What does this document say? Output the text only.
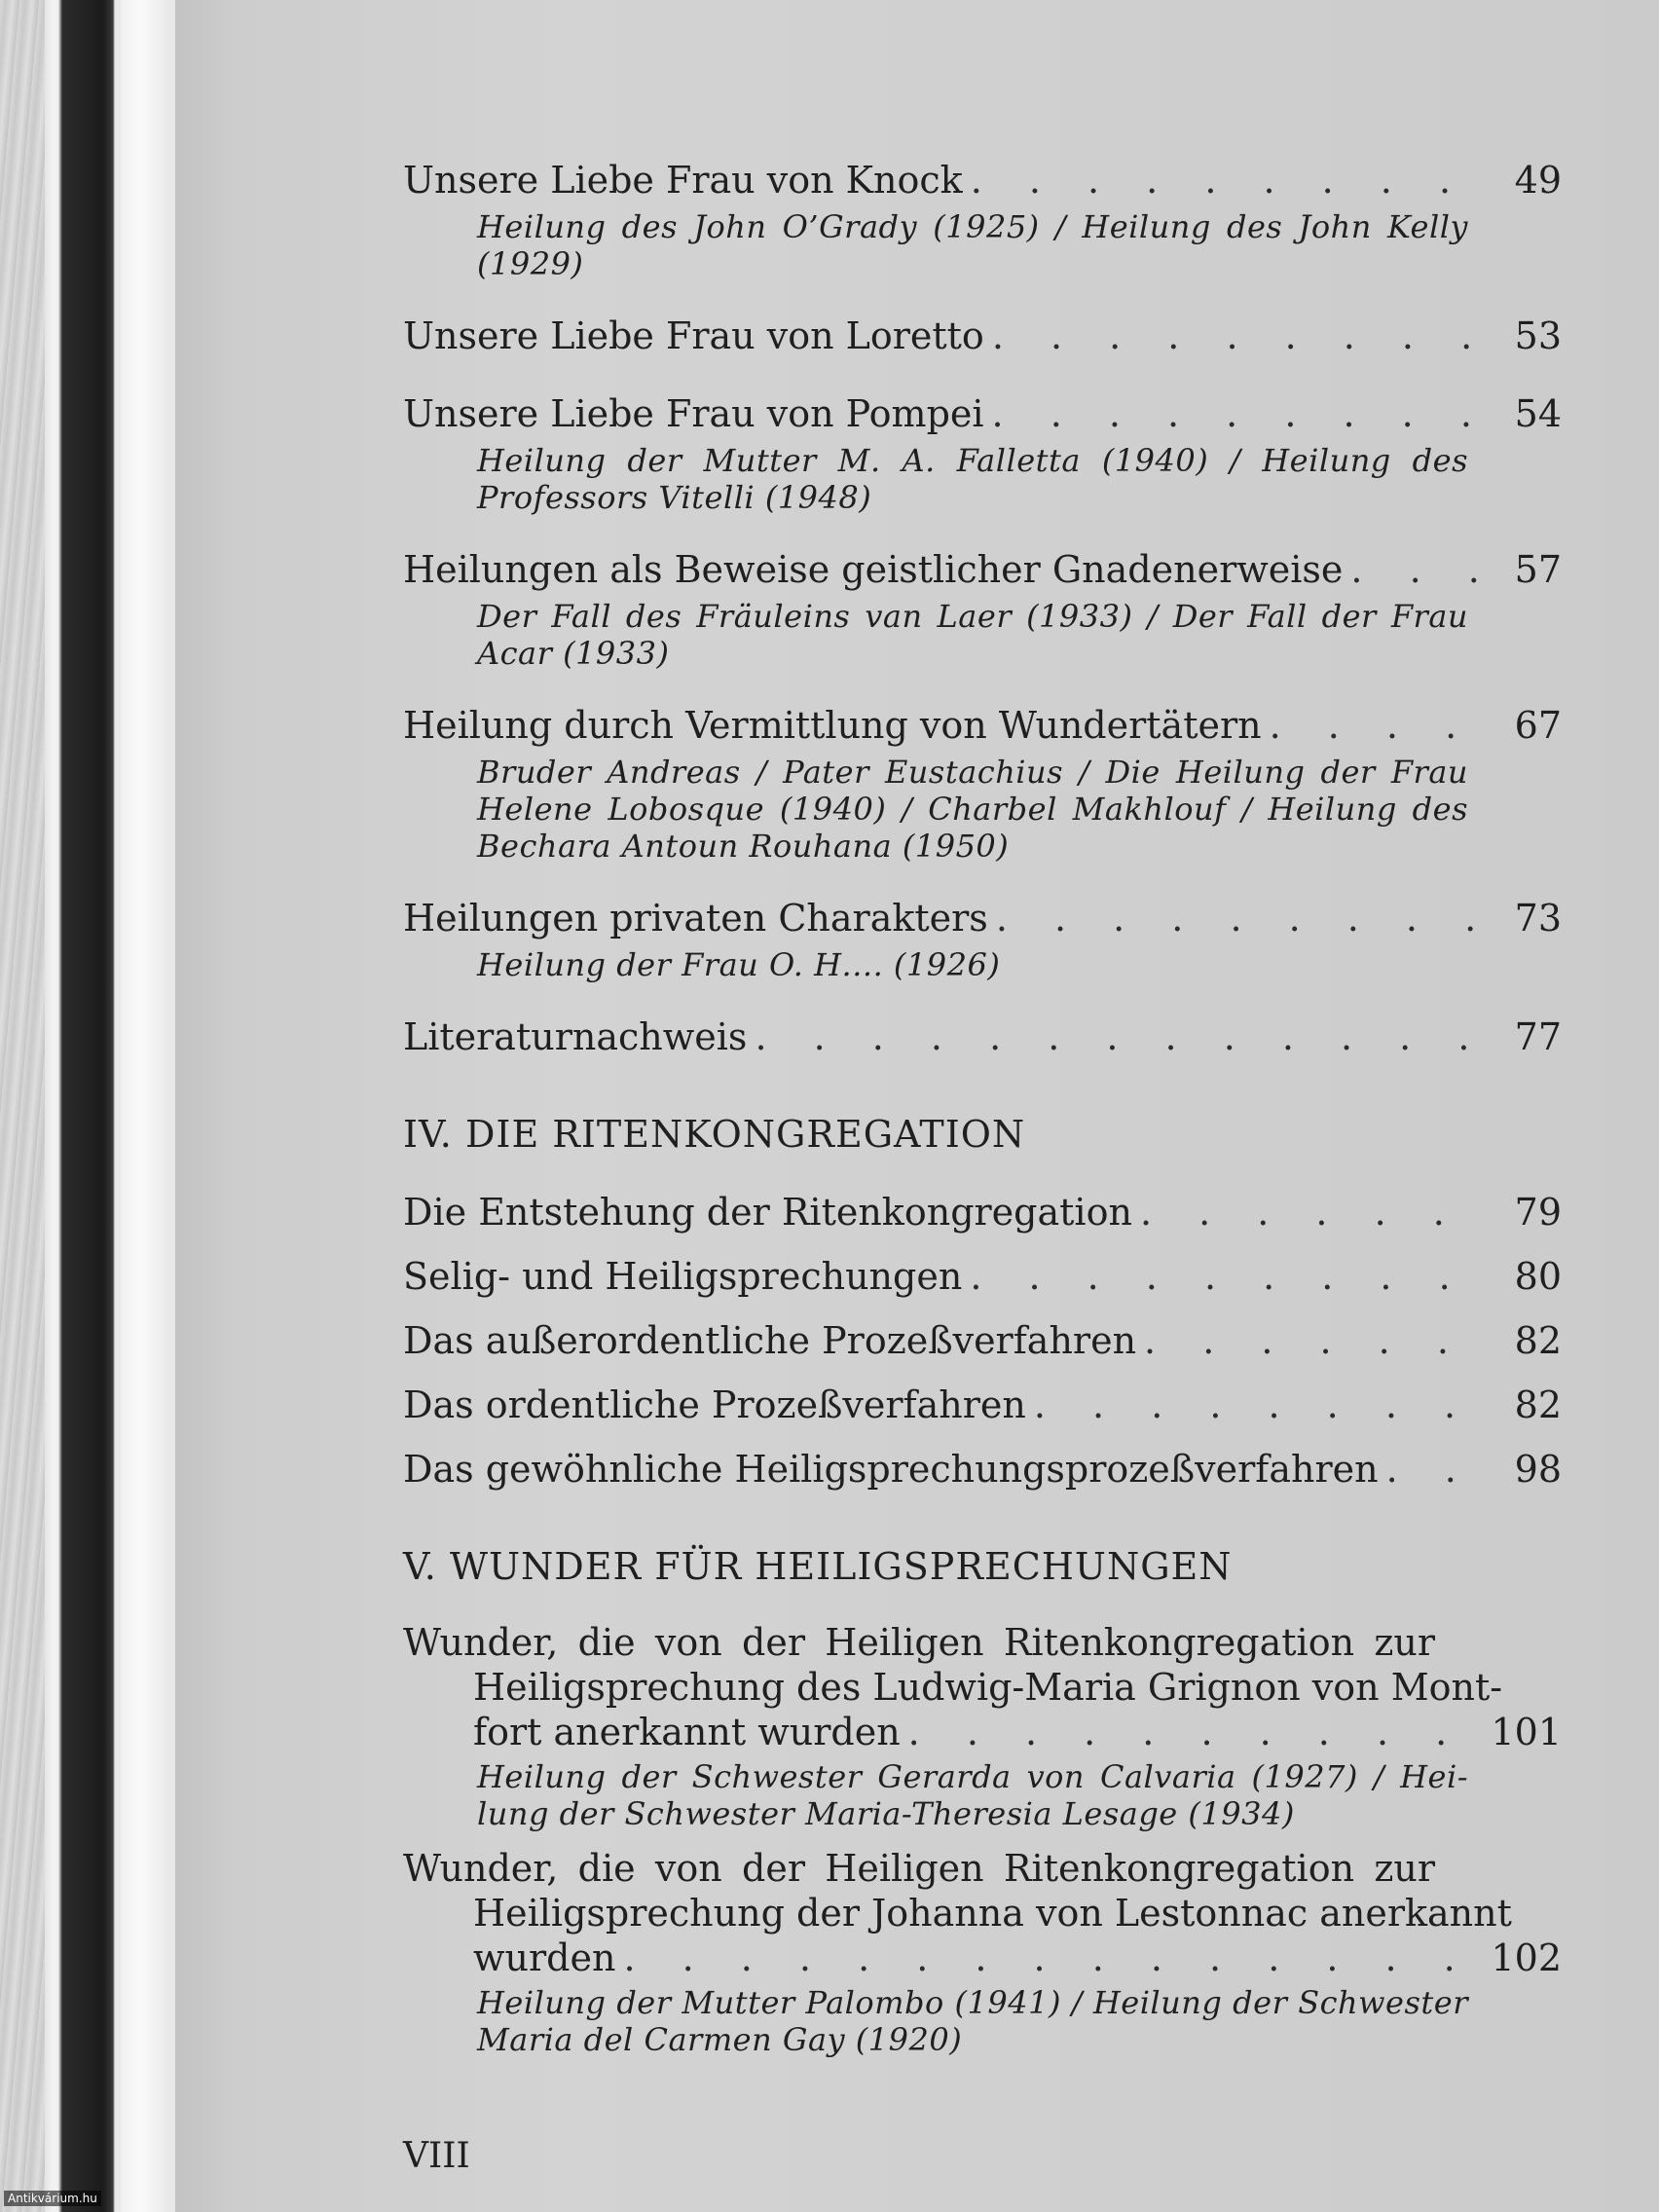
Unsere Liebe Frau von Knock . . .	49
Heilung des John O’Grady (1925) / Heilung des John Kelly
(1929)
Unsere Liebe Frau von Loretto . . .	53
Unsere Liebe Frau von Pompei . . .	54
Heilung der Mutter M. A. Falletta (1940) / Heilung des
Professors Vitelli (1948)
Heilungen als Beweise geistlicher Gnadenerweise . . .	57
Der Fall des Fräuleins van Laer (1933) / Der Fall der Frau
Acar (1933)
Heilung durch Vermittlung von Wundertätern . . .	67
Bruder Andreas / Pater Eustachius / Die Heilung der Frau
Helene Lobosque (1940) / Charbel Makhlouf / Heilung des
Bechara Antoun Rouhana (1950)
Heilungen privaten Charakters . . .	73
Heilung der Frau O. H.... (1926)
Literaturnachweis . . .	77
IV. DIE RITENKONGREGATION
Die Entstehung der Ritenkongregation . . .	79
Selig- und Heiligsprechungen . . .	80
Das außerordentliche Prozeßverfahren . . .	82
Das ordentliche Prozeßverfahren . . .	82
Das gewöhnliche Heiligsprechungsprozeßverfahren . . .	98
V. WUNDER FÜR HEILIGSPRECHUNGEN
Wunder, die von der Heiligen Ritenkongregation zur
Heiligsprechung des Ludwig-Maria Grignon von Mont-
fort anerkannt wurden . . .	101
Heilung der Schwester Gerarda von Calvaria (1927) / Hei-
lung der Schwester Maria-Theresia Lesage (1934)
Wunder, die von der Heiligen Ritenkongregation zur
Heiligsprechung der Johanna von Lestonnac anerkannt
wurden . . .	102
Heilung der Mutter Palombo (1941) / Heilung der Schwester
Maria del Carmen Gay (1920)
VIII
Antikvárium.hu
